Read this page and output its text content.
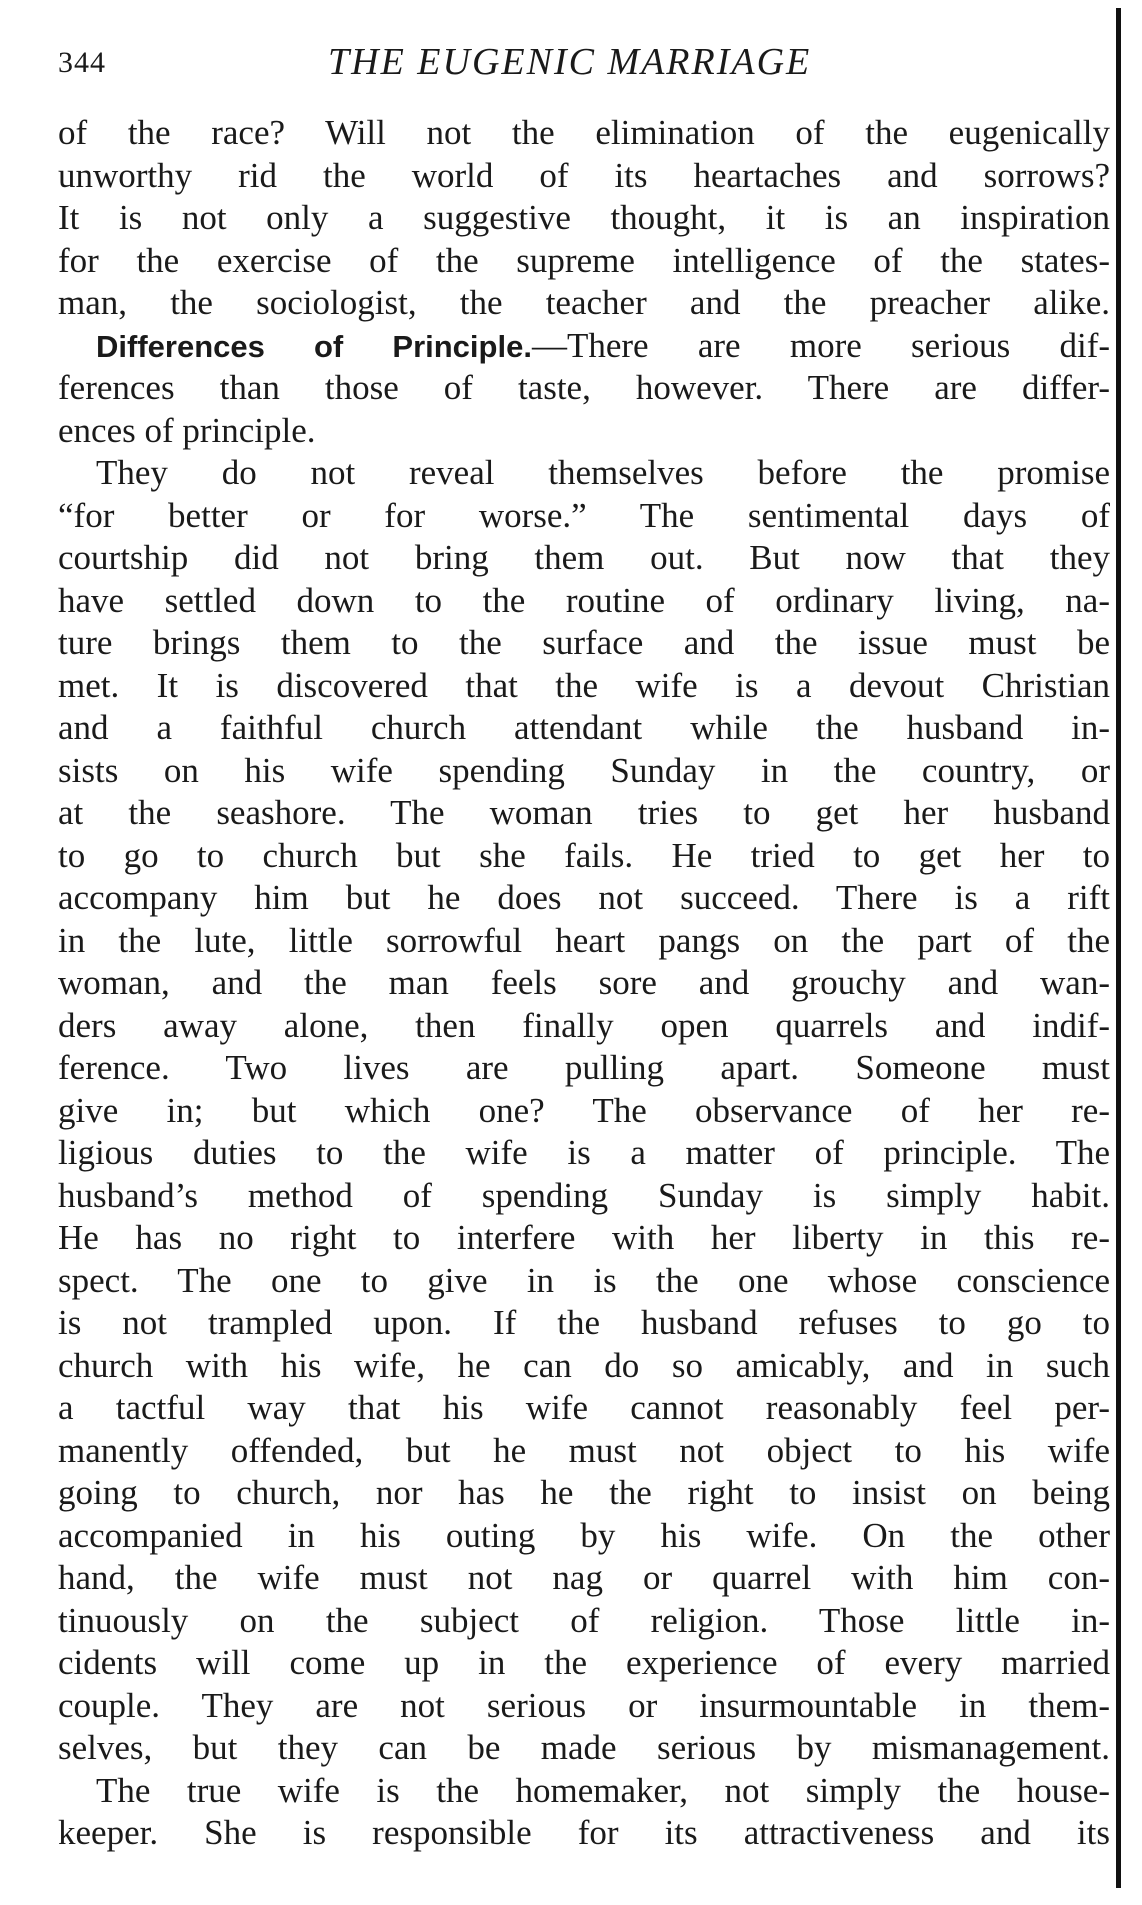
344	THE EUGENIC MARRIAGE
of the race? Will not the elimination of the eugenically
unworthy rid the world of its heartaches and sorrows?
It is not only a suggestive thought, it is an inspiration
for the exercise of the supreme intelligence of the states-
man, the sociologist, the teacher and the preacher alike.
Differences of Principle.—There are more serious dif-
ferences than those of taste, however. There are differ-
ences of principle.
They do not reveal themselves before the promise
“for better or for worse.” The sentimental days of
courtship did not bring them out. But now that they
have settled down to the routine of ordinary living, na-
ture brings them to the surface and the issue must be
met. It is discovered that the wife is a devout Christian
and a faithful church attendant while the husband in-
sists on his wife spending Sunday in the country, or
at the seashore. The woman tries to get her husband
to go to church but she fails. He tried to get her to
accompany him but he does not succeed. There is a rift
in the lute, little sorrowful heart pangs on the part of the
woman, and the man feels sore and grouchy and wan-
ders away alone, then finally open quarrels and indif-
ference. Two lives are pulling apart. Someone must
give in; but which one? The observance of her re-
ligious duties to the wife is a matter of principle. The
husband’s method of spending Sunday is simply habit.
He has no right to interfere with her liberty in this re-
spect. The one to give in is the one whose conscience
is not trampled upon. If the husband refuses to go to
church with his wife, he can do so amicably, and in such
a tactful way that his wife cannot reasonably feel per-
manently offended, but he must not object to his wife
going to church, nor has he the right to insist on being
accompanied in his outing by his wife. On the other
hand, the wife must not nag or quarrel with him con-
tinuously on the subject of religion. Those little in-
cidents will come up in the experience of every married
couple. They are not serious or insurmountable in them-
selves, but they can be made serious by mismanagement.
The true wife is the homemaker, not simply the house-
keeper. She is responsible for its attractiveness and its
